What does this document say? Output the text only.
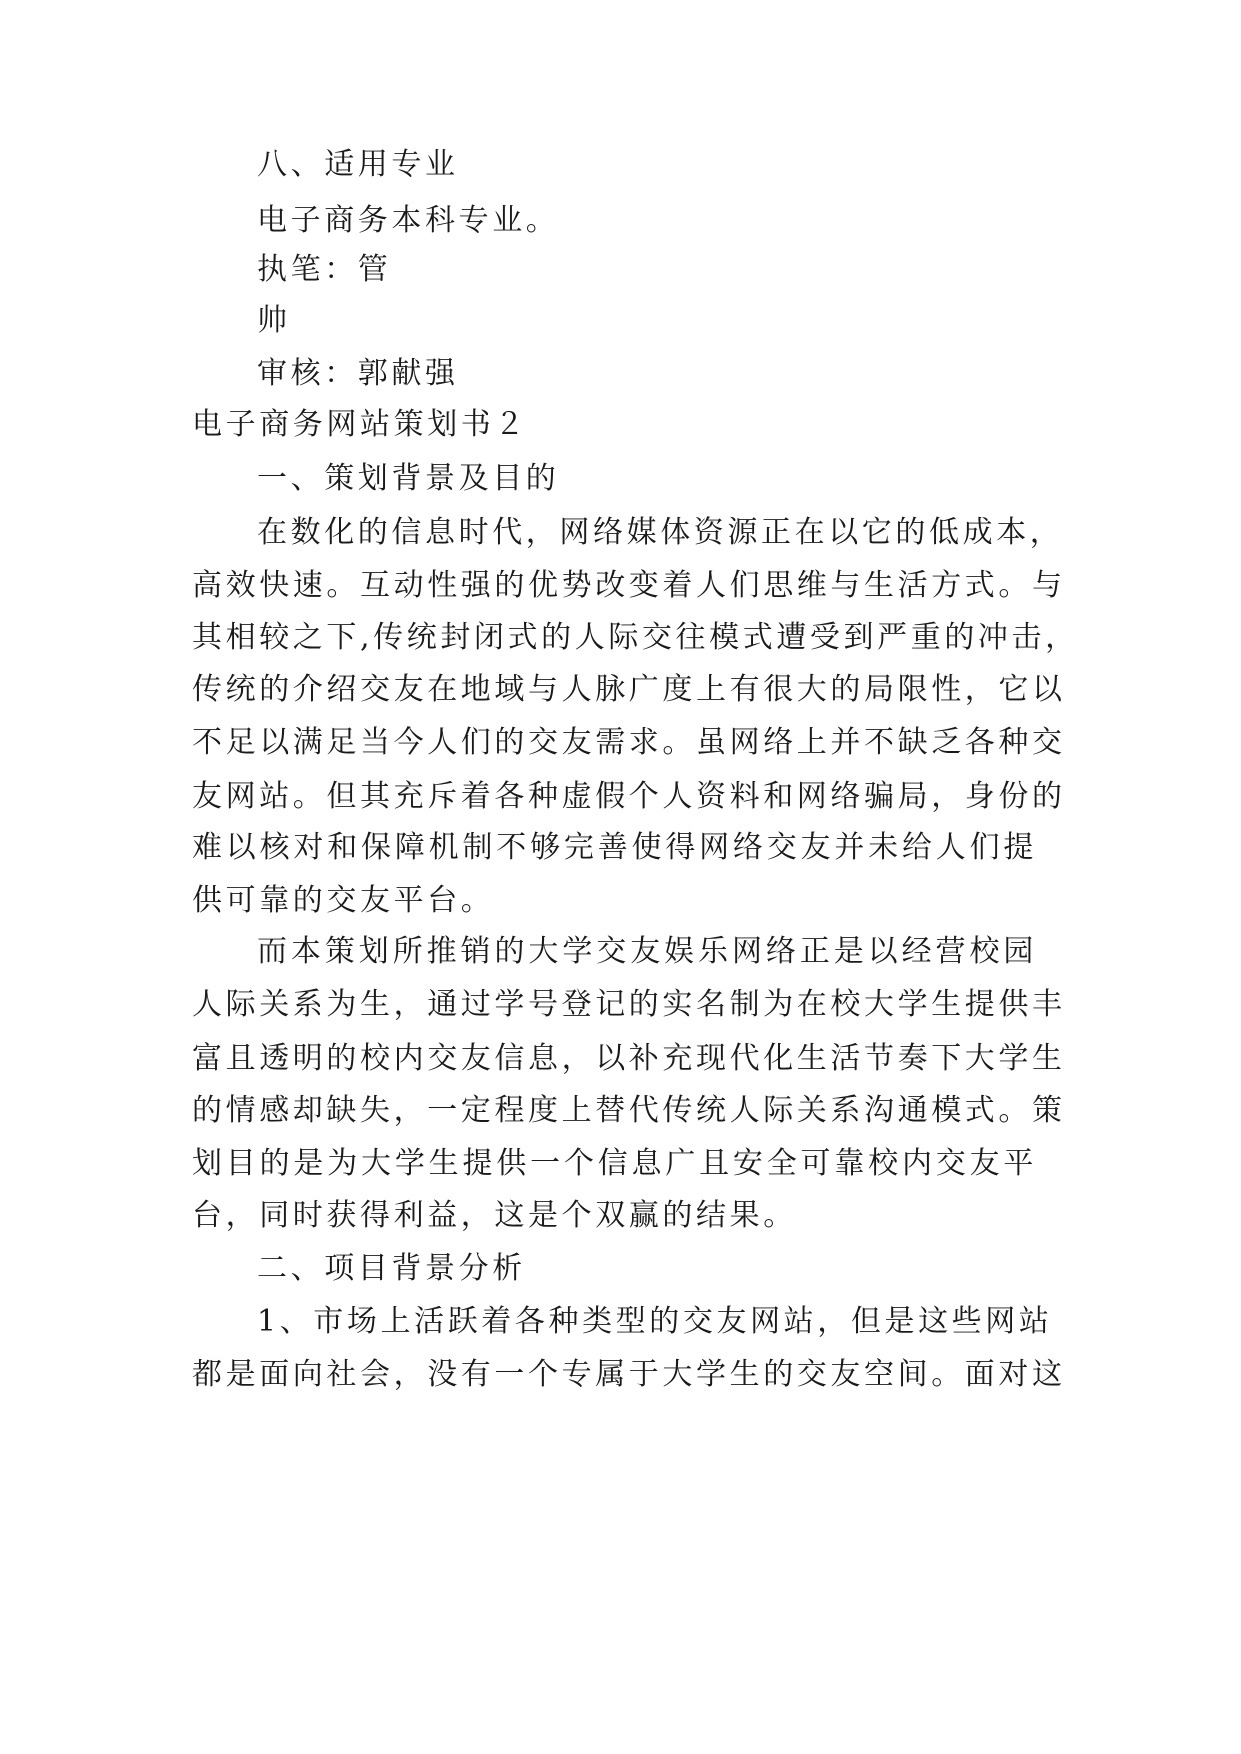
八、适用专业
电子商务本科专业。
执笔：管
帅
审核：郭献强
电子商务网站策划书２
一、策划背景及目的
在数化的信息时代，网络媒体资源正在以它的低成本，
高效快速。互动性强的优势改变着人们思维与生活方式。与
其相较之下,传统封闭式的人际交往模式遭受到严重的冲击，
传统的介绍交友在地域与人脉广度上有很大的局限性，它以
不足以满足当今人们的交友需求。虽网络上并不缺乏各种交
友网站。但其充斥着各种虚假个人资料和网络骗局，身份的
难以核对和保障机制不够完善使得网络交友并未给人们提
供可靠的交友平台。
而本策划所推销的大学交友娱乐网络正是以经营校园
人际关系为生，通过学号登记的实名制为在校大学生提供丰
富且透明的校内交友信息，以补充现代化生活节奏下大学生
的情感却缺失，一定程度上替代传统人际关系沟通模式。策
划目的是为大学生提供一个信息广且安全可靠校内交友平
台，同时获得利益，这是个双赢的结果。
二、项目背景分析
1、市场上活跃着各种类型的交友网站，但是这些网站
都是面向社会，没有一个专属于大学生的交友空间。面对这
